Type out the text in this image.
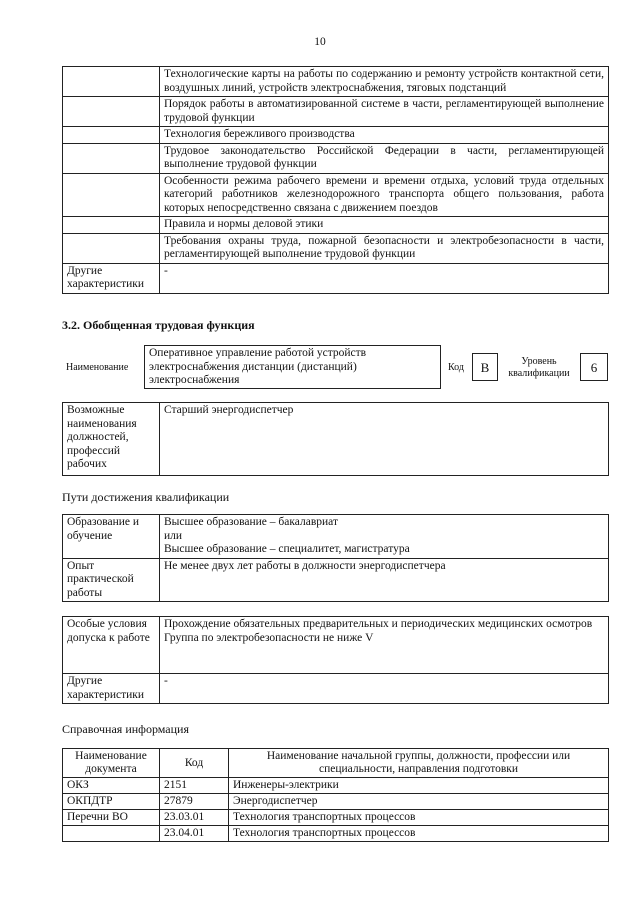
10
	Технологические карты на работы по содержанию и ремонту устройств контактной сети, воздушных линий, устройств электроснабжения, тяговых подстанций
	Порядок работы в автоматизированной системе в части, регламентирующей выполнение трудовой функции
	Технология бережливого производства
	Трудовое законодательство Российской Федерации в части, регламентирующей выполнение трудовой функции
	Особенности режима рабочего времени и времени отдыха, условий труда отдельных категорий работников железнодорожного транспорта общего пользования, работа которых непосредственно связана с движением поездов
	Правила и нормы деловой этики
	Требования охраны труда, пожарной безопасности и электробезопасности в части, регламентирующей выполнение трудовой функции
Другие характеристики	-
3.2. Обобщенная трудовая функция
Наименование
Оперативное управление работой устройств электроснабжения дистанции (дистанций) электроснабжения
Код	В	Уровень квалификации	6
Возможные наименования должностей, профессий рабочих	Старший энергодиспетчер
Пути достижения квалификации
Образование и обучение	Высшее образование – бакалавриат
или
Высшее образование – специалитет, магистратура

Опыт практической работы	Не менее двух лет работы в должности энергодиспетчера
Особые условия допуска к работе	Прохождение обязательных предварительных и периодических медицинских осмотров
Группа по электробезопасности не ниже V

Другие характеристики	-
Справочная информация
Наименование документа	Код	Наименование начальной группы, должности, профессии или специальности, направления подготовки
ОКЗ	2151	Инженеры-электрики
ОКПДТР	27879	Энергодиспетчер
Перечни ВО	23.03.01	Технология транспортных процессов
	23.04.01	Технология транспортных процессов
